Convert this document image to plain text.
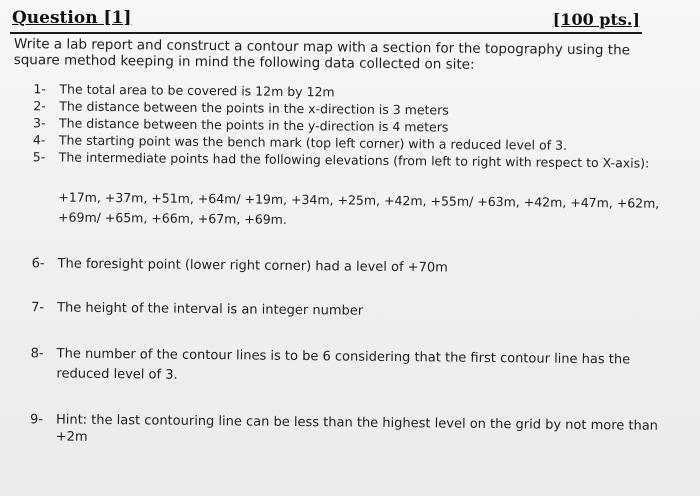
Question [1]	[100 pts.]

Write a lab report and construct a contour map with a section for the topography using the square method keeping in mind the following data collected on site:

1- The total area to be covered is 12m by 12m
2- The distance between the points in the x-direction is 3 meters
3- The distance between the points in the y-direction is 4 meters
4- The starting point was the bench mark (top left corner) with a reduced level of 3.
5- The intermediate points had the following elevations (from left to right with respect to X-axis):

+17m, +37m, +51m, +64m/ +19m, +34m, +25m, +42m, +55m/ +63m, +42m, +47m, +62m, +69m/ +65m, +66m, +67m, +69m.

6- The foresight point (lower right corner) had a level of +70m
7- The height of the interval is an integer number
8- The number of the contour lines is to be 6 considering that the first contour line has the reduced level of 3.
9- Hint: the last contouring line can be less than the highest level on the grid by not more than +2m
